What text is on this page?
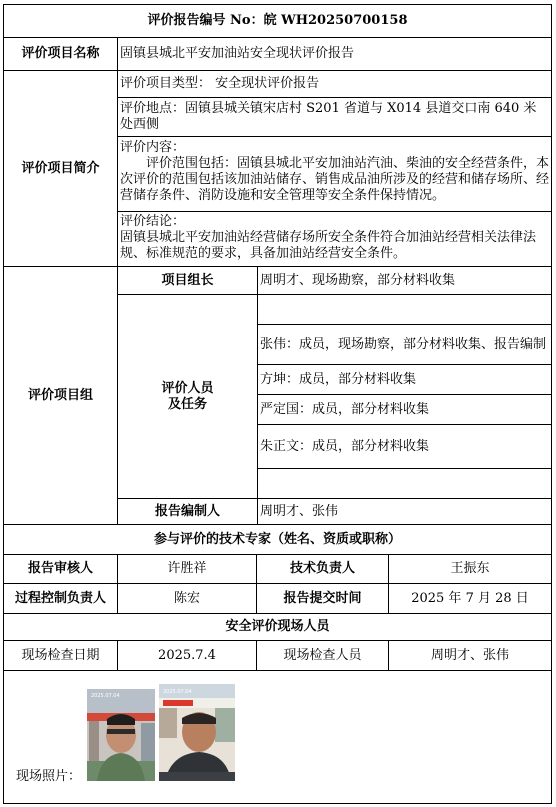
评价报告编号 No：皖 WH20250700158
评价项目名称	固镇县城北平安加油站安全现状评价报告
评价项目简介
评价项目类型： 安全现状评价报告
评价地点：固镇县城关镇宋店村 S201 省道与 X014 县道交口南 640 米处西侧
评价内容：
评价范围包括：固镇县城北平安加油站汽油、柴油的安全经营条件，本次评价的范围包括该加油站储存、销售成品油所涉及的经营和储存场所、经营储存条件、消防设施和安全管理等安全条件保持情况。
评价结论：
固镇县城北平安加油站经营储存场所安全条件符合加油站经营相关法律法规、标准规范的要求，具备加油站经营安全条件。
评价项目组
项目组长	周明才、现场勘察，部分材料收集
评价人员
及任务
张伟：成员，现场勘察，部分材料收集、报告编制
方坤：成员，部分材料收集
严定国：成员，部分材料收集
朱正文：成员，部分材料收集
报告编制人	周明才、张伟
参与评价的技术专家（姓名、资质或职称）
报告审核人	许胜祥	技术负责人	王振东
过程控制负责人	陈宏	报告提交时间	2025 年 7 月 28 日
安全评价现场人员
现场检查日期	2025.7.4	现场检查人员	周明才、张伟
现场照片：
2025.07.04
2025.07.04
